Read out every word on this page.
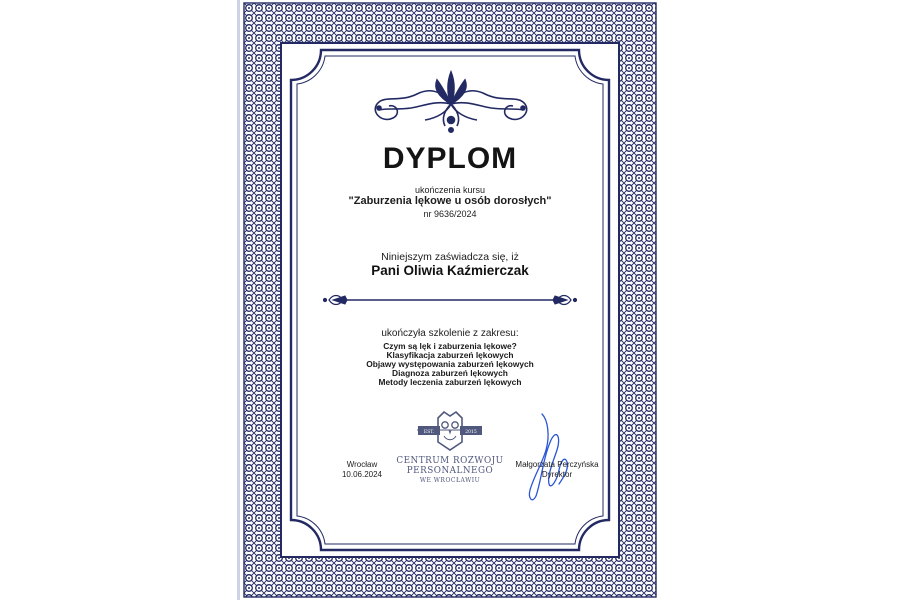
EST.	2015
DYPLOM
ukończenia kursu
"Zaburzenia lękowe u osób dorosłych"
nr 9636/2024
Niniejszym zaświadcza się, iż
Pani Oliwia Kaźmierczak
ukończyła szkolenie z zakresu:
Czym są lęk i zaburzenia lękowe?
Klasyfikacja zaburzeń lękowych
Objawy występowania zaburzeń lękowych
Diagnoza zaburzeń lękowych
Metody leczenia zaburzeń lękowych
Wrocław
10.06.2024
CENTRUM ROZWOJU
PERSONALNEGO
WE WROCŁAWIU
Małgorzata Perczyńska
Dyrektor
